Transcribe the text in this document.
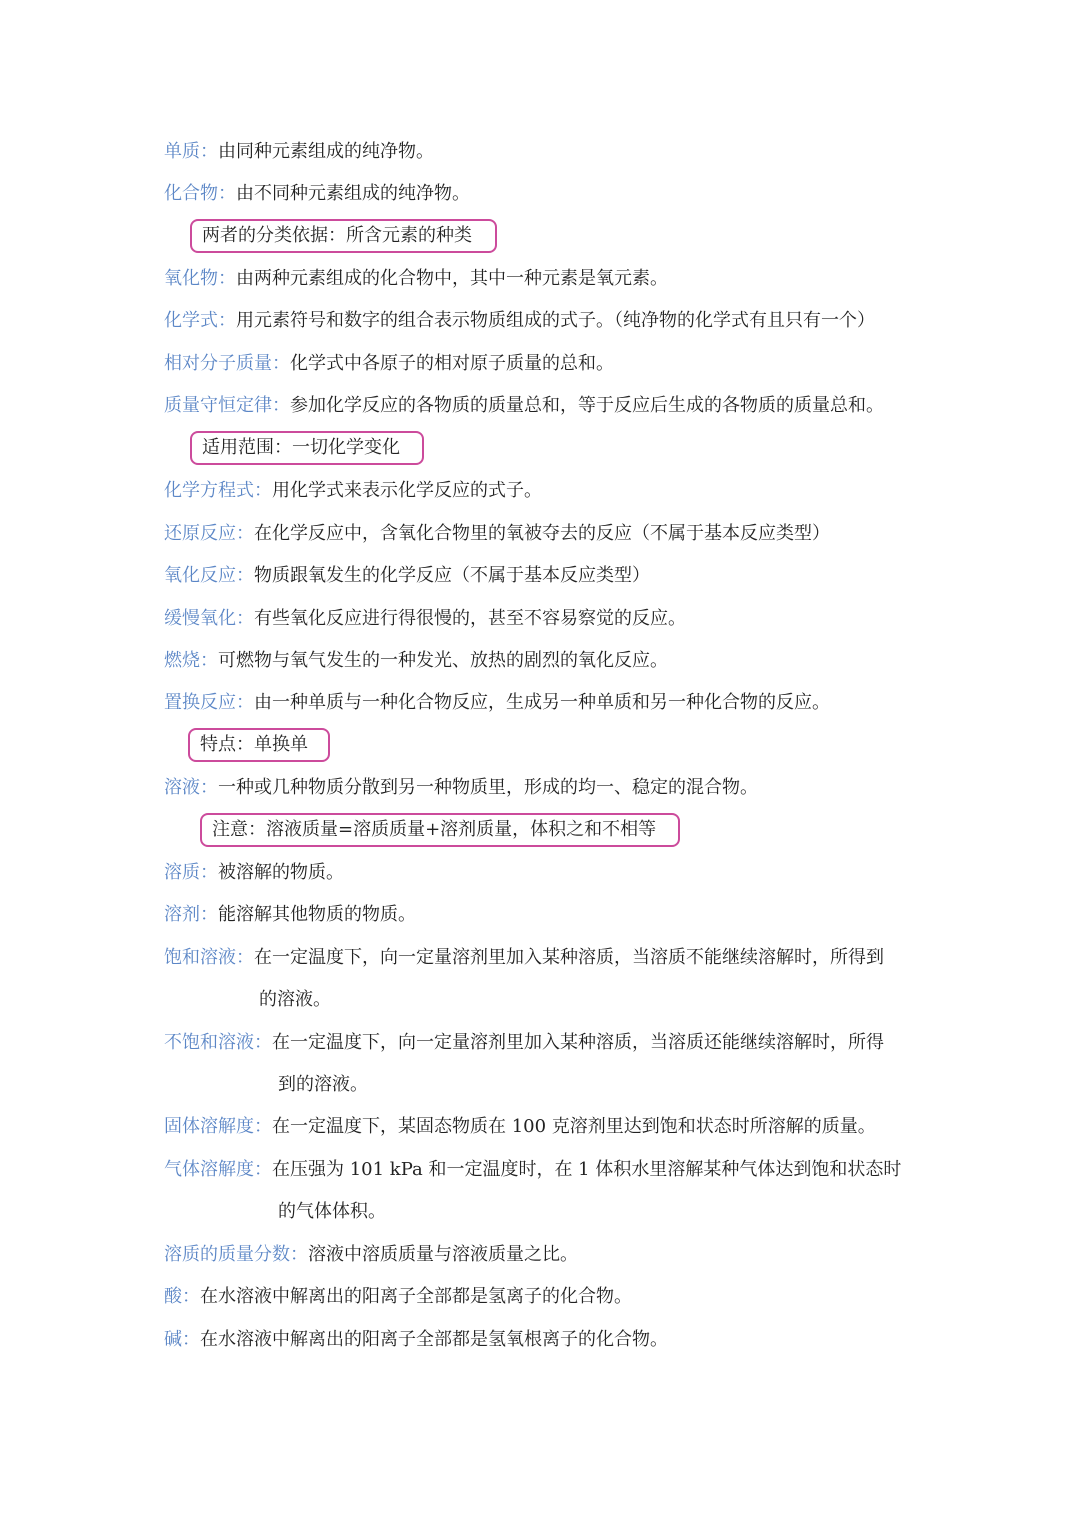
单质：由同种元素组成的纯净物。
化合物：由不同种元素组成的纯净物。
两者的分类依据：所含元素的种类
氧化物：由两种元素组成的化合物中，其中一种元素是氧元素。
化学式：用元素符号和数字的组合表示物质组成的式子。（纯净物的化学式有且只有一个）
相对分子质量：化学式中各原子的相对原子质量的总和。
质量守恒定律：参加化学反应的各物质的质量总和，等于反应后生成的各物质的质量总和。
适用范围：一切化学变化
化学方程式：用化学式来表示化学反应的式子。
还原反应：在化学反应中，含氧化合物里的氧被夺去的反应（不属于基本反应类型）
氧化反应：物质跟氧发生的化学反应（不属于基本反应类型）
缓慢氧化：有些氧化反应进行得很慢的，甚至不容易察觉的反应。
燃烧：可燃物与氧气发生的一种发光、放热的剧烈的氧化反应。
置换反应：由一种单质与一种化合物反应，生成另一种单质和另一种化合物的反应。
特点：单换单
溶液：一种或几种物质分散到另一种物质里，形成的均一、稳定的混合物。
注意：溶液质量=溶质质量+溶剂质量，体积之和不相等
溶质：被溶解的物质。
溶剂：能溶解其他物质的物质。
饱和溶液：在一定温度下，向一定量溶剂里加入某种溶质，当溶质不能继续溶解时，所得到
的溶液。
不饱和溶液：在一定温度下，向一定量溶剂里加入某种溶质，当溶质还能继续溶解时，所得
到的溶液。
固体溶解度：在一定温度下，某固态物质在 100 克溶剂里达到饱和状态时所溶解的质量。
气体溶解度：在压强为 101 kPa 和一定温度时，在 1 体积水里溶解某种气体达到饱和状态时
的气体体积。
溶质的质量分数：溶液中溶质质量与溶液质量之比。
酸：在水溶液中解离出的阳离子全部都是氢离子的化合物。
碱：在水溶液中解离出的阳离子全部都是氢氧根离子的化合物。
